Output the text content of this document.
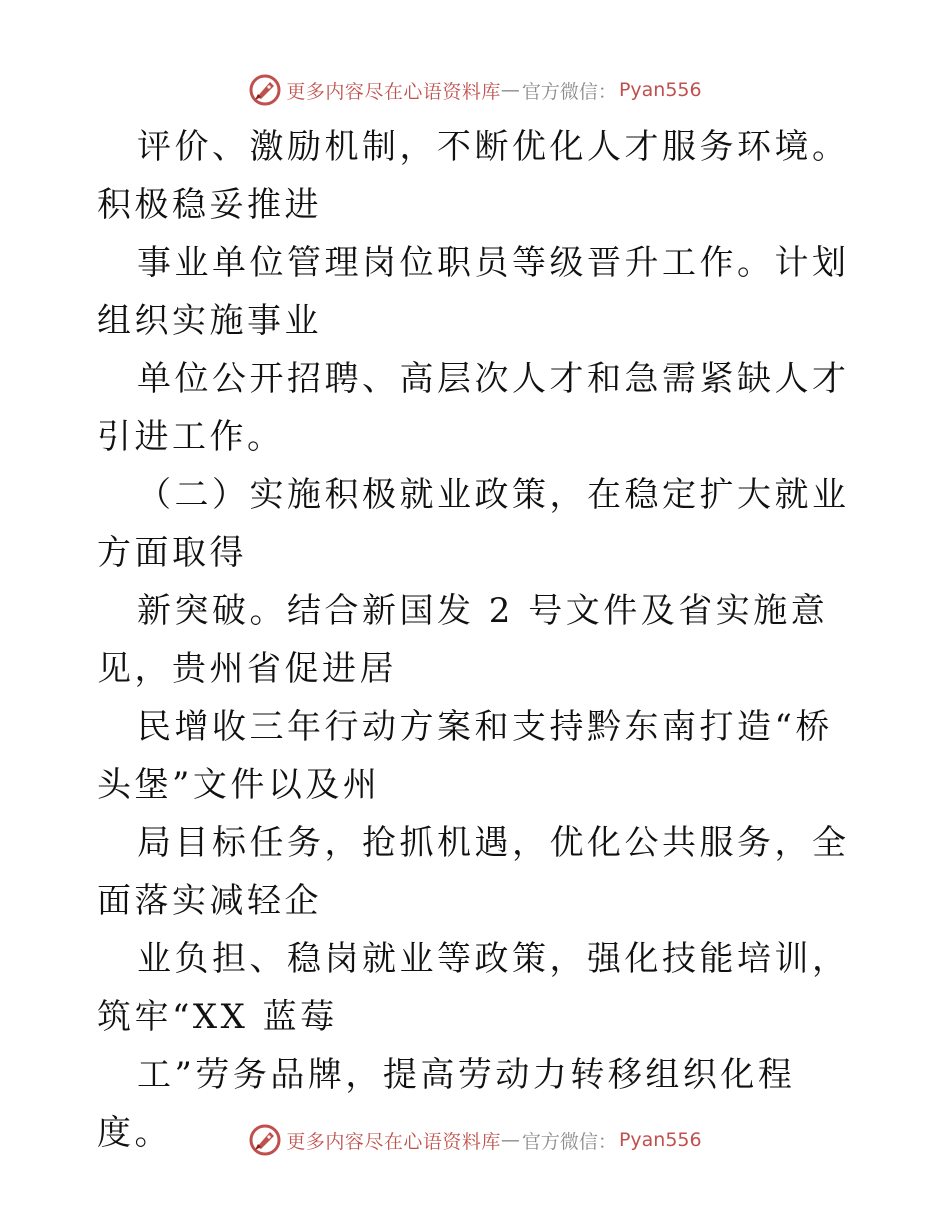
更多内容尽在心语资料库 — 官方微信： Pyan556

评价、激励机制，不断优化人才服务环境。积极稳妥推进

事业单位管理岗位职员等级晋升工作。计划组织实施事业

单位公开招聘、高层次人才和急需紧缺人才引进工作。

（二）实施积极就业政策，在稳定扩大就业方面取得

新突破。结合新国发 2 号文件及省实施意见，贵州省促进居

民增收三年行动方案和支持黔东南打造“桥头堡”文件以及州

局目标任务，抢抓机遇，优化公共服务，全面落实减轻企

业负担、稳岗就业等政策，强化技能培训，筑牢“XX 蓝莓

工”劳务品牌，提高劳动力转移组织化程度。	更多内容尽在心语资料库 — 官方微信： Pyan556
